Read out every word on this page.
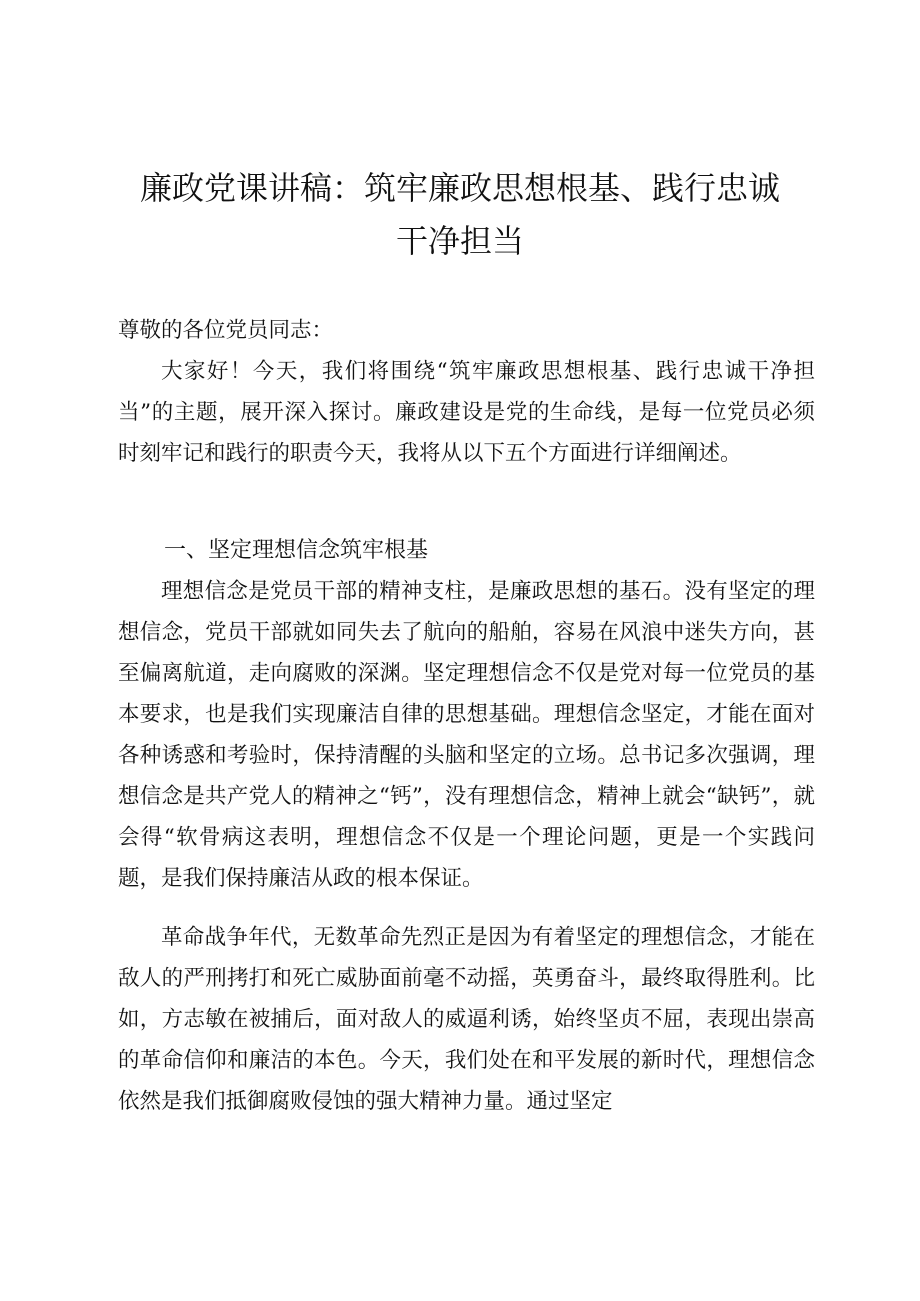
廉政党课讲稿：筑牢廉政思想根基、践行忠诚
干净担当

尊敬的各位党员同志：

大家好！今天，我们将围绕“筑牢廉政思想根基、践行忠诚干净担当”的主题，展开深入探讨。廉政建设是党的生命线，是每一位党员必须时刻牢记和践行的职责今天，我将从以下五个方面进行详细阐述。

一、坚定理想信念筑牢根基

理想信念是党员干部的精神支柱，是廉政思想的基石。没有坚定的理想信念，党员干部就如同失去了航向的船舶，容易在风浪中迷失方向，甚至偏离航道，走向腐败的深渊。坚定理想信念不仅是党对每一位党员的基本要求，也是我们实现廉洁自律的思想基础。理想信念坚定，才能在面对各种诱惑和考验时，保持清醒的头脑和坚定的立场。总书记多次强调，理想信念是共产党人的精神之“钙”，没有理想信念，精神上就会“缺钙”，就会得“软骨病这表明，理想信念不仅是一个理论问题，更是一个实践问题，是我们保持廉洁从政的根本保证。

革命战争年代，无数革命先烈正是因为有着坚定的理想信念，才能在敌人的严刑拷打和死亡威胁面前毫不动摇，英勇奋斗，最终取得胜利。比如，方志敏在被捕后，面对敌人的威逼利诱，始终坚贞不屈，表现出崇高的革命信仰和廉洁的本色。今天，我们处在和平发展的新时代，理想信念依然是我们抵御腐败侵蚀的强大精神力量。通过坚定
